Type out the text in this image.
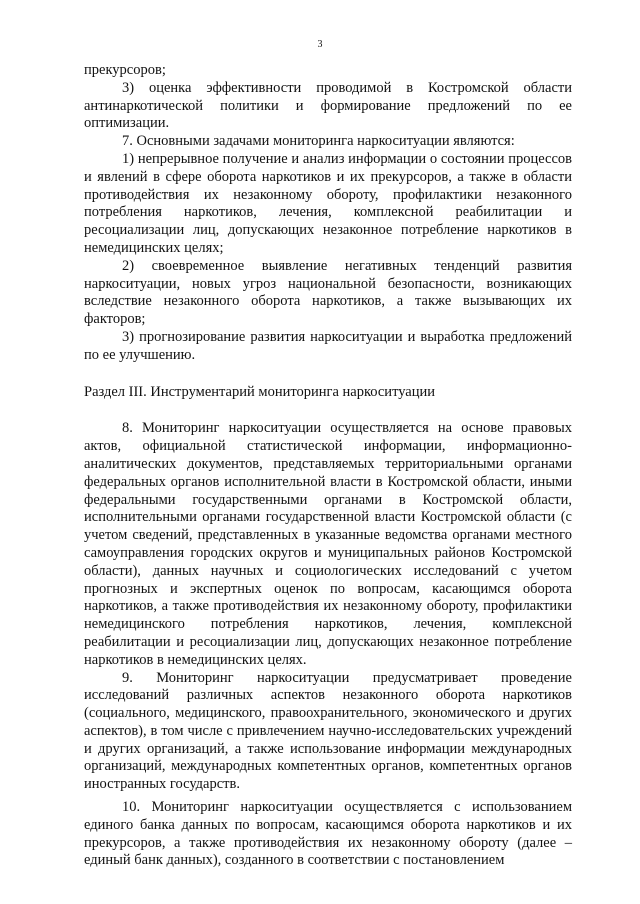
3

прекурсоров;

3) оценка эффективности проводимой в Костромской области антинаркотической политики и формирование предложений по ее оптимизации.

7. Основными задачами мониторинга наркоситуации являются:

1) непрерывное получение и анализ информации о состоянии процессов и явлений в сфере оборота наркотиков и их прекурсоров, а также в области противодействия их незаконному обороту, профилактики незаконного потребления наркотиков, лечения, комплексной реабилитации и ресоциализации лиц, допускающих незаконное потребление наркотиков в немедицинских целях;

2) своевременное выявление негативных тенденций развития наркоситуации, новых угроз национальной безопасности, возникающих вследствие незаконного оборота наркотиков, а также вызывающих их факторов;

3) прогнозирование развития наркоситуации и выработка предложений по ее улучшению.

Раздел III. Инструментарий мониторинга наркоситуации

8. Мониторинг наркоситуации осуществляется на основе правовых актов, официальной статистической информации, информационно-аналитических документов, представляемых территориальными органами федеральных органов исполнительной власти в Костромской области, иными федеральными государственными органами в Костромской области, исполнительными органами государственной власти Костромской области (с учетом сведений, представленных в указанные ведомства органами местного самоуправления городских округов и муниципальных районов Костромской области), данных научных и социологических исследований с учетом прогнозных и экспертных оценок по вопросам, касающимся оборота наркотиков, а также противодействия их незаконному обороту, профилактики немедицинского потребления наркотиков, лечения, комплексной реабилитации и ресоциализации лиц, допускающих незаконное потребление наркотиков в немедицинских целях.

9. Мониторинг наркоситуации предусматривает проведение исследований различных аспектов незаконного оборота наркотиков (социального, медицинского, правоохранительного, экономического и других аспектов), в том числе с привлечением научно-исследовательских учреждений и других организаций, а также использование информации международных организаций, международных компетентных органов, компетентных органов иностранных государств.

10. Мониторинг наркоситуации осуществляется с использованием единого банка данных по вопросам, касающимся оборота наркотиков и их прекурсоров, а также противодействия их незаконному обороту (далее – единый банк данных), созданного в соответствии с постановлением
